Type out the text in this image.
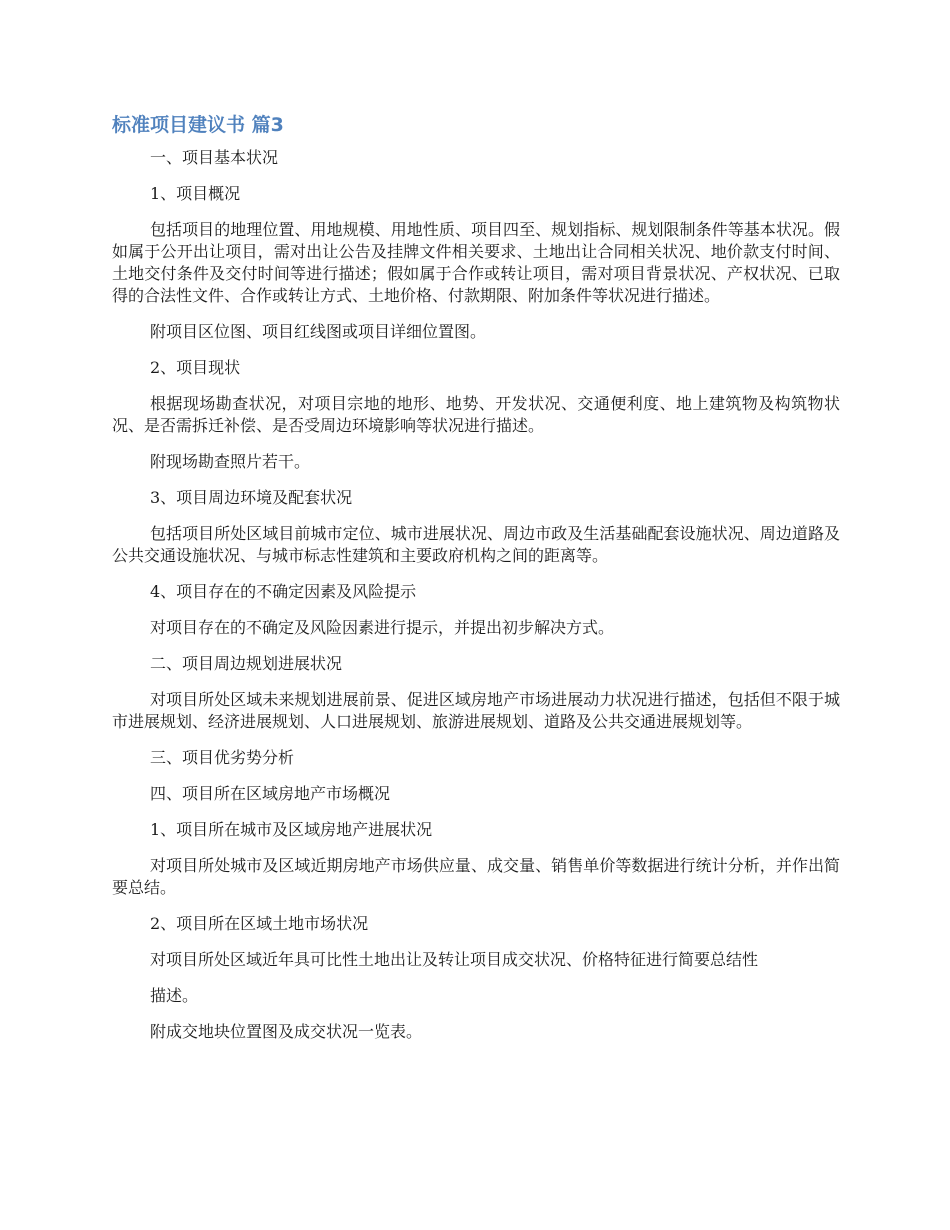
标准项目建议书 篇3

一、项目基本状况

1、项目概况

包括项目的地理位置、用地规模、用地性质、项目四至、规划指标、规划限制条件等基本状况。假如属于公开出让项目，需对出让公告及挂牌文件相关要求、土地出让合同相关状况、地价款支付时间、土地交付条件及交付时间等进行描述；假如属于合作或转让项目，需对项目背景状况、产权状况、已取得的合法性文件、合作或转让方式、土地价格、付款期限、附加条件等状况进行描述。

附项目区位图、项目红线图或项目详细位置图。

2、项目现状

根据现场勘查状况，对项目宗地的地形、地势、开发状况、交通便利度、地上建筑物及构筑物状况、是否需拆迁补偿、是否受周边环境影响等状况进行描述。

附现场勘查照片若干。

3、项目周边环境及配套状况

包括项目所处区域目前城市定位、城市进展状况、周边市政及生活基础配套设施状况、周边道路及公共交通设施状况、与城市标志性建筑和主要政府机构之间的距离等。

4、项目存在的不确定因素及风险提示

对项目存在的不确定及风险因素进行提示，并提出初步解决方式。

二、项目周边规划进展状况

对项目所处区域未来规划进展前景、促进区域房地产市场进展动力状况进行描述，包括但不限于城市进展规划、经济进展规划、人口进展规划、旅游进展规划、道路及公共交通进展规划等。

三、项目优劣势分析

四、项目所在区域房地产市场概况

1、项目所在城市及区域房地产进展状况

对项目所处城市及区域近期房地产市场供应量、成交量、销售单价等数据进行统计分析，并作出简要总结。

2、项目所在区域土地市场状况

对项目所处区域近年具可比性土地出让及转让项目成交状况、价格特征进行简要总结性

描述。

附成交地块位置图及成交状况一览表。
